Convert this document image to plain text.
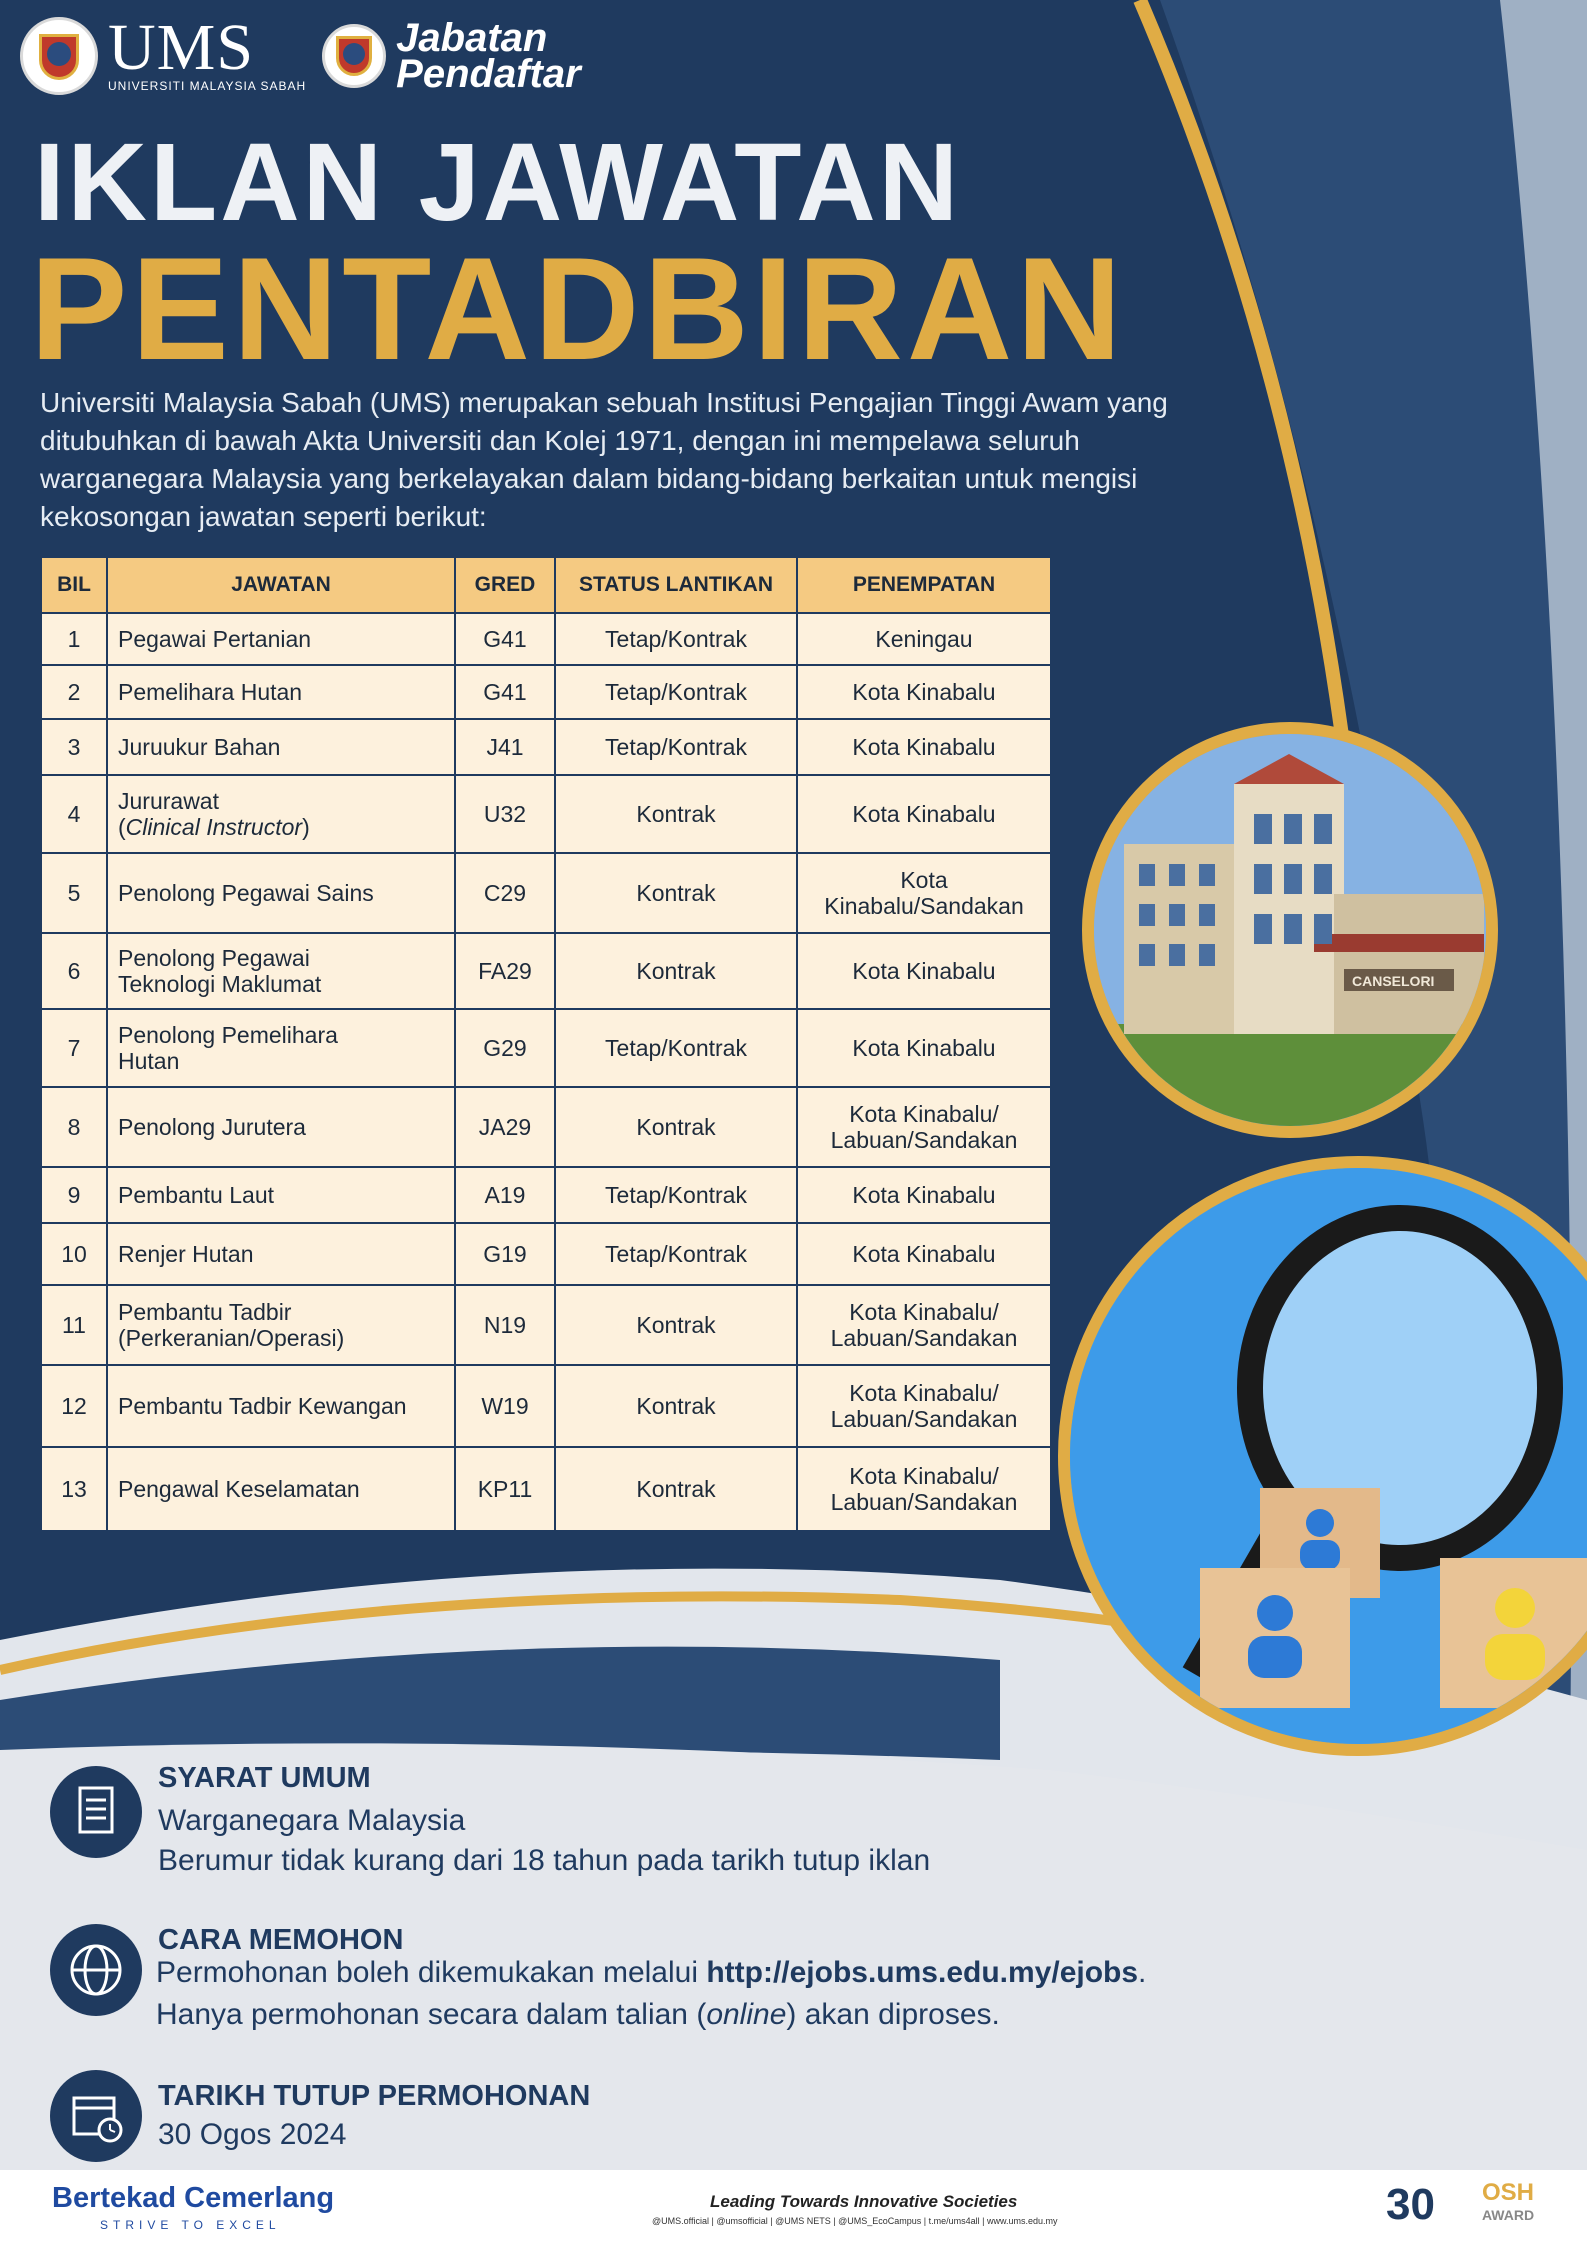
UMS
UNIVERSITI MALAYSIA SABAH
Jabatan
Pendaftar
IKLAN JAWATAN
PENTADBIRAN
Universiti Malaysia Sabah (UMS) merupakan sebuah Institusi Pengajian Tinggi Awam yang ditubuhkan di bawah Akta Universiti dan Kolej 1971, dengan ini mempelawa seluruh warganegara Malaysia yang berkelayakan dalam bidang-bidang berkaitan untuk mengisi kekosongan jawatan seperti berikut:
BIL	JAWATAN	GRED	STATUS LANTIKAN	PENEMPATAN
1	Pegawai Pertanian	G41	Tetap/Kontrak	Keningau
2	Pemelihara Hutan	G41	Tetap/Kontrak	Kota Kinabalu
3	Juruukur Bahan	J41	Tetap/Kontrak	Kota Kinabalu
4	Jururawat
(Clinical Instructor)	U32	Kontrak	Kota Kinabalu
5	Penolong Pegawai Sains	C29	Kontrak	Kota
Kinabalu/Sandakan
6	Penolong Pegawai
Teknologi Maklumat	FA29	Kontrak	Kota Kinabalu
7	Penolong Pemelihara
Hutan	G29	Tetap/Kontrak	Kota Kinabalu
8	Penolong Jurutera	JA29	Kontrak	Kota Kinabalu/
Labuan/Sandakan
9	Pembantu Laut	A19	Tetap/Kontrak	Kota Kinabalu
10	Renjer Hutan	G19	Tetap/Kontrak	Kota Kinabalu
11	Pembantu Tadbir
(Perkeranian/Operasi)	N19	Kontrak	Kota Kinabalu/
Labuan/Sandakan
12	Pembantu Tadbir Kewangan	W19	Kontrak	Kota Kinabalu/
Labuan/Sandakan
13	Pengawal Keselamatan	KP11	Kontrak	Kota Kinabalu/
Labuan/Sandakan
CANSELORI
SYARAT UMUM
Warganegara Malaysia
Berumur tidak kurang dari 18 tahun pada tarikh tutup iklan
CARA MEMOHON
Permohonan boleh dikemukakan melalui http://ejobs.ums.edu.my/ejobs.
Hanya permohonan secara dalam talian (online) akan diproses.
TARIKH TUTUP PERMOHONAN
30 Ogos 2024
Bertekad Cemerlang
STRIVE TO EXCEL
Leading Towards Innovative Societies
@UMS.official | @umsofficial | @UMS NETS | @UMS_EcoCampus | t.me/ums4all | www.ums.edu.my	30	OSH
AWARD
